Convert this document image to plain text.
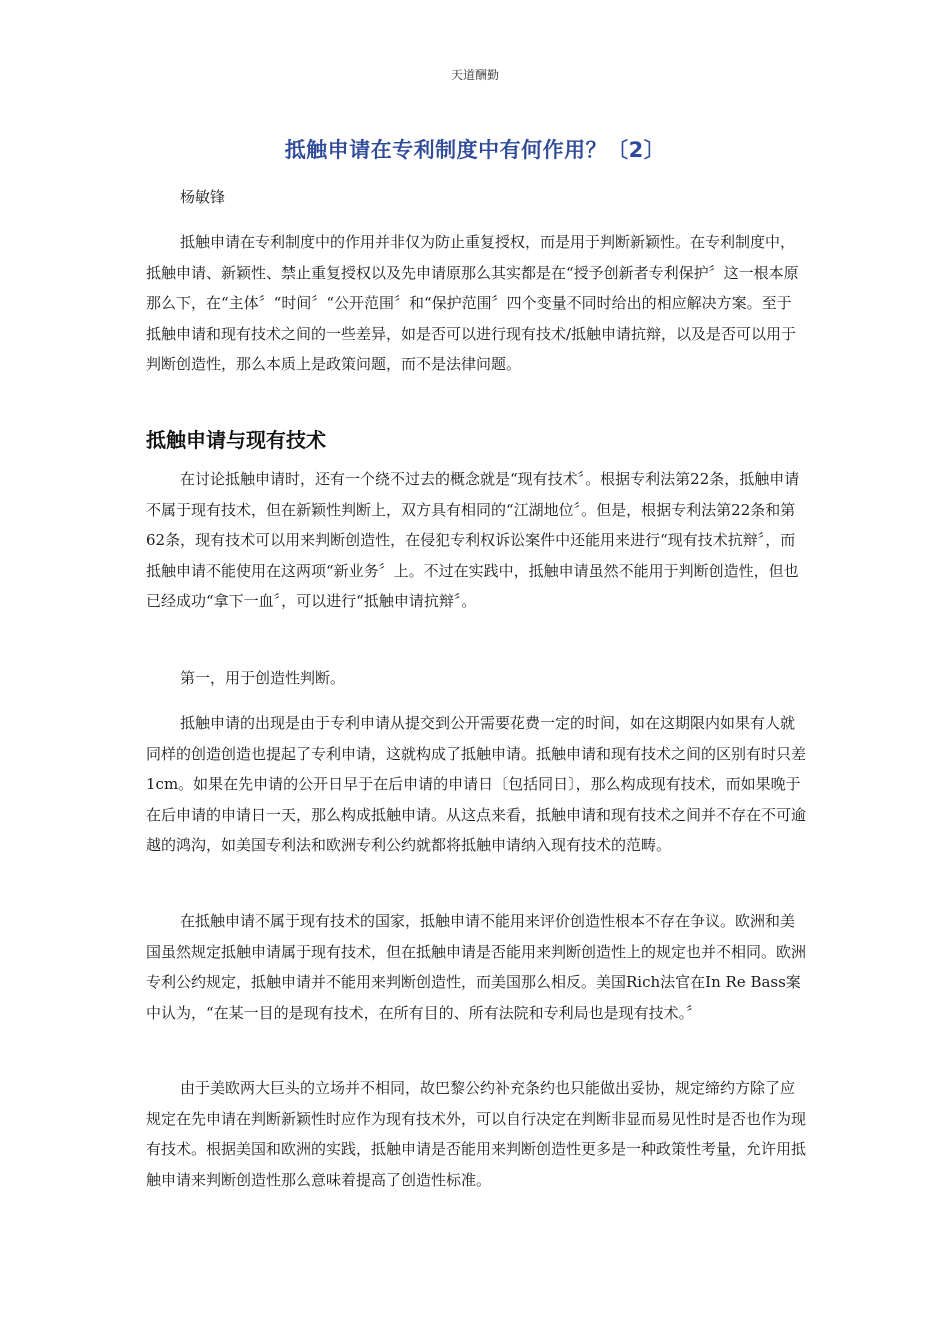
天道酬勤
抵触申请在专利制度中有何作用？〔2〕
杨敏锋

抵触申请在专利制度中的作用并非仅为防止重复授权，而是用于判断新颖性。在专利制度中，抵触申请、新颖性、禁止重复授权以及先申请原那么其实都是在“授予创新者专利保护〞这一根本原那么下，在“主体〞“时间〞“公开范围〞和“保护范围〞四个变量不同时给出的相应解决方案。至于抵触申请和现有技术之间的一些差异，如是否可以进行现有技术/抵触申请抗辩，以及是否可以用于判断创造性，那么本质上是政策问题，而不是法律问题。

抵触申请与现有技术

在讨论抵触申请时，还有一个绕不过去的概念就是“现有技术〞。根据专利法第22条，抵触申请不属于现有技术，但在新颖性判断上，双方具有相同的“江湖地位〞。但是，根据专利法第22条和第62条，现有技术可以用来判断创造性，在侵犯专利权诉讼案件中还能用来进行“现有技术抗辩〞，而抵触申请不能使用在这两项“新业务〞上。不过在实践中，抵触申请虽然不能用于判断创造性，但也已经成功“拿下一血〞，可以进行“抵触申请抗辩〞。

第一，用于创造性判断。

抵触申请的出现是由于专利申请从提交到公开需要花费一定的时间，如在这期限内如果有人就同样的创造创造也提起了专利申请，这就构成了抵触申请。抵触申请和现有技术之间的区别有时只差1cm。如果在先申请的公开日早于在后申请的申请日〔包括同日〕，那么构成现有技术，而如果晚于在后申请的申请日一天，那么构成抵触申请。从这点来看，抵触申请和现有技术之间并不存在不可逾越的鸿沟，如美国专利法和欧洲专利公约就都将抵触申请纳入现有技术的范畴。

在抵触申请不属于现有技术的国家，抵触申请不能用来评价创造性根本不存在争议。欧洲和美国虽然规定抵触申请属于现有技术，但在抵触申请是否能用来判断创造性上的规定也并不相同。欧洲专利公约规定，抵触申请并不能用来判断创造性，而美国那么相反。美国Rich法官在In Re Bass案中认为，“在某一目的是现有技术，在所有目的、所有法院和专利局也是现有技术。〞

由于美欧两大巨头的立场并不相同，故巴黎公约补充条约也只能做出妥协，规定缔约方除了应规定在先申请在判断新颖性时应作为现有技术外，可以自行决定在判断非显而易见性时是否也作为现有技术。根据美国和欧洲的实践，抵触申请是否能用来判断创造性更多是一种政策性考量，允许用抵触申请来判断创造性那么意味着提高了创造性标准。
